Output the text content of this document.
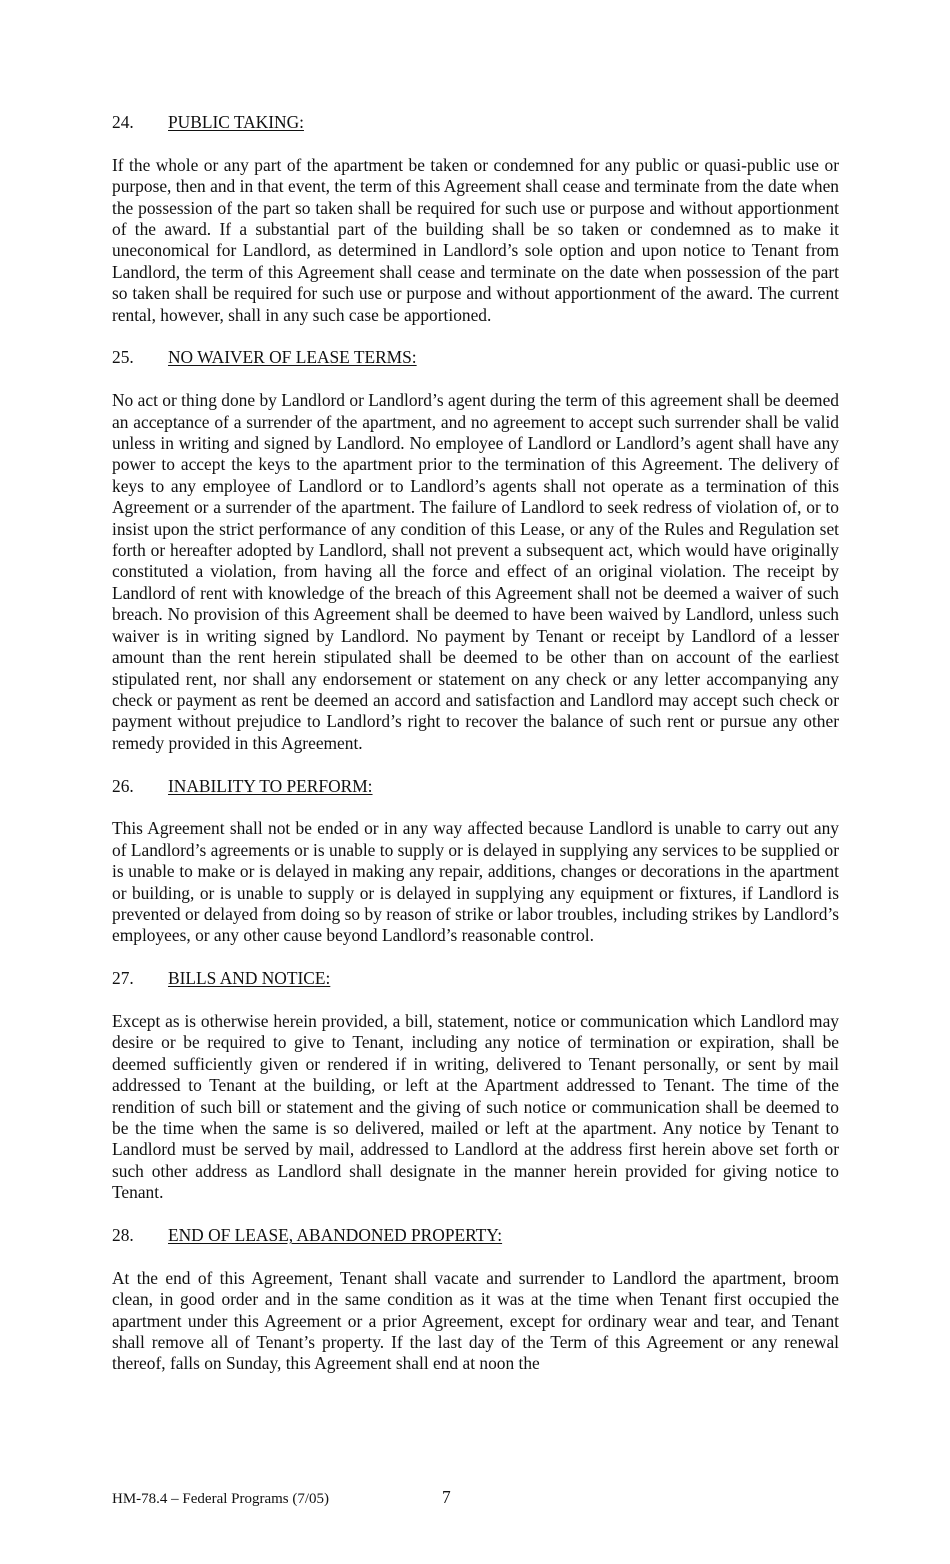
24.	PUBLIC TAKING:

If the whole or any part of the apartment be taken or condemned for any public or quasi-public use or purpose, then and in that event, the term of this Agreement shall cease and terminate from the date when the possession of the part so taken shall be required for such use or purpose and without apportionment of the award. If a substantial part of the building shall be so taken or condemned as to make it uneconomical for Landlord, as determined in Landlord’s sole option and upon notice to Tenant from Landlord, the term of this Agreement shall cease and terminate on the date when possession of the part so taken shall be required for such use or purpose and without apportionment of the award. The current rental, however, shall in any such case be apportioned.

25.	NO WAIVER OF LEASE TERMS:

No act or thing done by Landlord or Landlord’s agent during the term of this agreement shall be deemed an acceptance of a surrender of the apartment, and no agreement to accept such surrender shall be valid unless in writing and signed by Landlord. No employee of Landlord or Landlord’s agent shall have any power to accept the keys to the apartment prior to the termination of this Agreement. The delivery of keys to any employee of Landlord or to Landlord’s agents shall not operate as a termination of this Agreement or a surrender of the apartment. The failure of Landlord to seek redress of violation of, or to insist upon the strict performance of any condition of this Lease, or any of the Rules and Regulation set forth or hereafter adopted by Landlord, shall not prevent a subsequent act, which would have originally constituted a violation, from having all the force and effect of an original violation. The receipt by Landlord of rent with knowledge of the breach of this Agreement shall not be deemed a waiver of such breach. No provision of this Agreement shall be deemed to have been waived by Landlord, unless such waiver is in writing signed by Landlord. No payment by Tenant or receipt by Landlord of a lesser amount than the rent herein stipulated shall be deemed to be other than on account of the earliest stipulated rent, nor shall any endorsement or statement on any check or any letter accompanying any check or payment as rent be deemed an accord and satisfaction and Landlord may accept such check or payment without prejudice to Landlord’s right to recover the balance of such rent or pursue any other remedy provided in this Agreement.

26.	INABILITY TO PERFORM:

This Agreement shall not be ended or in any way affected because Landlord is unable to carry out any of Landlord’s agreements or is unable to supply or is delayed in supplying any services to be supplied or is unable to make or is delayed in making any repair, additions, changes or decorations in the apartment or building, or is unable to supply or is delayed in supplying any equipment or fixtures, if Landlord is prevented or delayed from doing so by reason of strike or labor troubles, including strikes by Landlord’s employees, or any other cause beyond Landlord’s reasonable control.

27.	BILLS AND NOTICE:

Except as is otherwise herein provided, a bill, statement, notice or communication which Landlord may desire or be required to give to Tenant, including any notice of termination or expiration, shall be deemed sufficiently given or rendered if in writing, delivered to Tenant personally, or sent by mail addressed to Tenant at the building, or left at the Apartment addressed to Tenant. The time of the rendition of such bill or statement and the giving of such notice or communication shall be deemed to be the time when the same is so delivered, mailed or left at the apartment. Any notice by Tenant to Landlord must be served by mail, addressed to Landlord at the address first herein above set forth or such other address as Landlord shall designate in the manner herein provided for giving notice to Tenant.

28.	END OF LEASE, ABANDONED PROPERTY:

At the end of this Agreement, Tenant shall vacate and surrender to Landlord the apartment, broom clean, in good order and in the same condition as it was at the time when Tenant first occupied the apartment under this Agreement or a prior Agreement, except for ordinary wear and tear, and Tenant shall remove all of Tenant’s property. If the last day of the Term of this Agreement or any renewal thereof, falls on Sunday, this Agreement shall end at noon the

HM-78.4 – Federal Programs (7/05)	7
